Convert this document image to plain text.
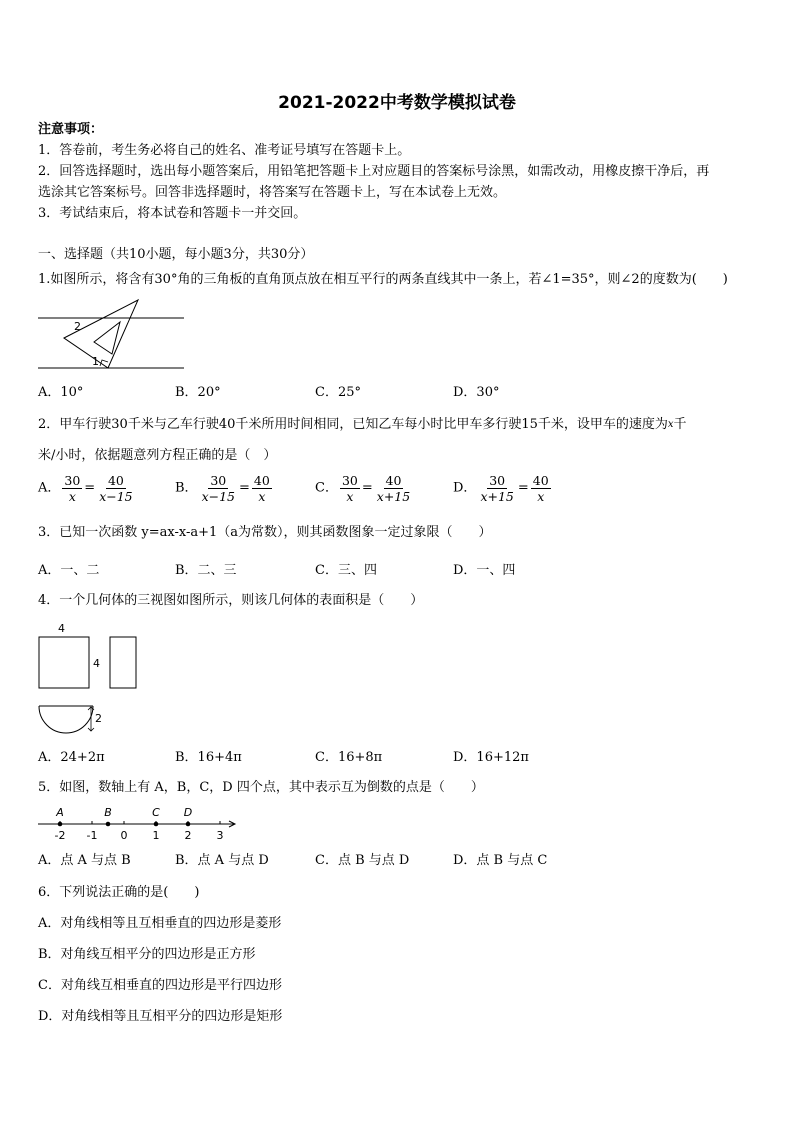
2021-2022中考数学模拟试卷
注意事项：
1．答卷前，考生务必将自己的姓名、准考证号填写在答题卡上。
2．回答选择题时，选出每小题答案后，用铅笔把答题卡上对应题目的答案标号涂黑，如需改动，用橡皮擦干净后，再
选涂其它答案标号。回答非选择题时，将答案写在答题卡上，写在本试卷上无效。
3．考试结束后，将本试卷和答题卡一并交回。
一、选择题（共10小题，每小题3分，共30分）
1.如图所示，将含有30°角的三角板的直角顶点放在相互平行的两条直线其中一条上，若∠1=35°，则∠2的度数为(　　)
2
1
A．10°	B．20°	C．25°	D．30°
2．甲车行驶30千米与乙车行驶40千米所用时间相同，已知乙车每小时比甲车多行驶15千米，设甲车的速度为$^x$千
米/小时，依据题意列方程正确的是（　）
A． $\frac{30}{x} = \frac{40}{x-15}$	B． $\frac{30}{x-15} = \frac{40}{x}$	C． $\frac{30}{x} = \frac{40}{x+15}$	D． $\frac{30}{x+15} = \frac{40}{x}$
3．已知一次函数 y=ax-x-a+1（a为常数），则其函数图象一定过象限（　　）
A．一、二	B．二、三	C．三、四	D．一、四
4．一个几何体的三视图如图所示，则该几何体的表面积是（　　）
4
4
2
A．24+2π	B．16+4π	C．16+8π	D．16+12π
5．如图，数轴上有 A，B，C，D 四个点，其中表示互为倒数的点是（　　）
-2 -1 0 1 2 3
A	B	C D
A．点 A 与点 B	B．点 A 与点 D	C．点 B 与点 D	D．点 B 与点 C
6．下列说法正确的是(　　)
A．对角线相等且互相垂直的四边形是菱形
B．对角线互相平分的四边形是正方形
C．对角线互相垂直的四边形是平行四边形
D．对角线相等且互相平分的四边形是矩形
